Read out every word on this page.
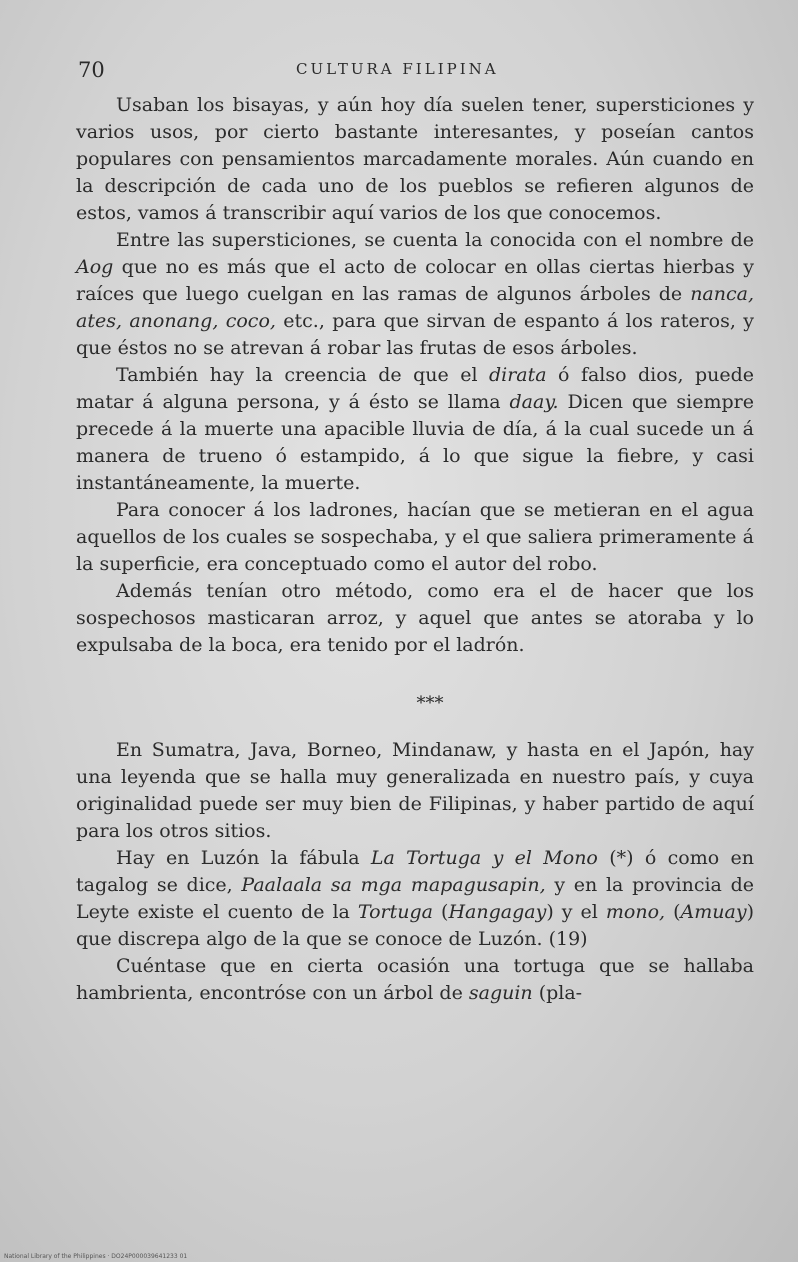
70	CULTURA FILIPINA

Usaban los bisayas, y aún hoy día suelen tener, supersticiones y varios usos, por cierto bastante interesantes, y poseían cantos populares con pensamientos marcadamente morales. Aún cuando en la descripción de cada uno de los pueblos se refieren algunos de estos, vamos á transcribir aquí varios de los que conocemos.

Entre las supersticiones, se cuenta la conocida con el nombre de Aog que no es más que el acto de colocar en ollas ciertas hierbas y raíces que luego cuelgan en las ramas de algunos árboles de nanca, ates, anonang, coco, etc., para que sirvan de espanto á los rateros, y que éstos no se atrevan á robar las frutas de esos árboles.

También hay la creencia de que el dirata ó falso dios, puede matar á alguna persona, y á ésto se llama daay. Dicen que siempre precede á la muerte una apacible lluvia de día, á la cual sucede un á manera de trueno ó estampido, á lo que sigue la fiebre, y casi instantáneamente, la muerte.

Para conocer á los ladrones, hacían que se metieran en el agua aquellos de los cuales se sospechaba, y el que saliera primeramente á la superficie, era conceptuado como el autor del robo.

Además tenían otro método, como era el de hacer que los sospechosos masticaran arroz, y aquel que antes se atoraba y lo expulsaba de la boca, era tenido por el ladrón.

⁎⁎⁎

En Sumatra, Java, Borneo, Mindanaw, y hasta en el Japón, hay una leyenda que se halla muy generalizada en nuestro país, y cuya originalidad puede ser muy bien de Filipinas, y haber partido de aquí para los otros sitios.

Hay en Luzón la fábula La Tortuga y el Mono (*) ó como en tagalog se dice, Paalaala sa mga mapagusapin, y en la provincia de Leyte existe el cuento de la Tortuga (Hangagay) y el mono, (Amuay) que discrepa algo de la que se conoce de Luzón. (19)

Cuéntase que en cierta ocasión una tortuga que se hallaba hambrienta, encontróse con un árbol de saguin (pla-

National Library of the Philippines · DO24P000039641233 01
